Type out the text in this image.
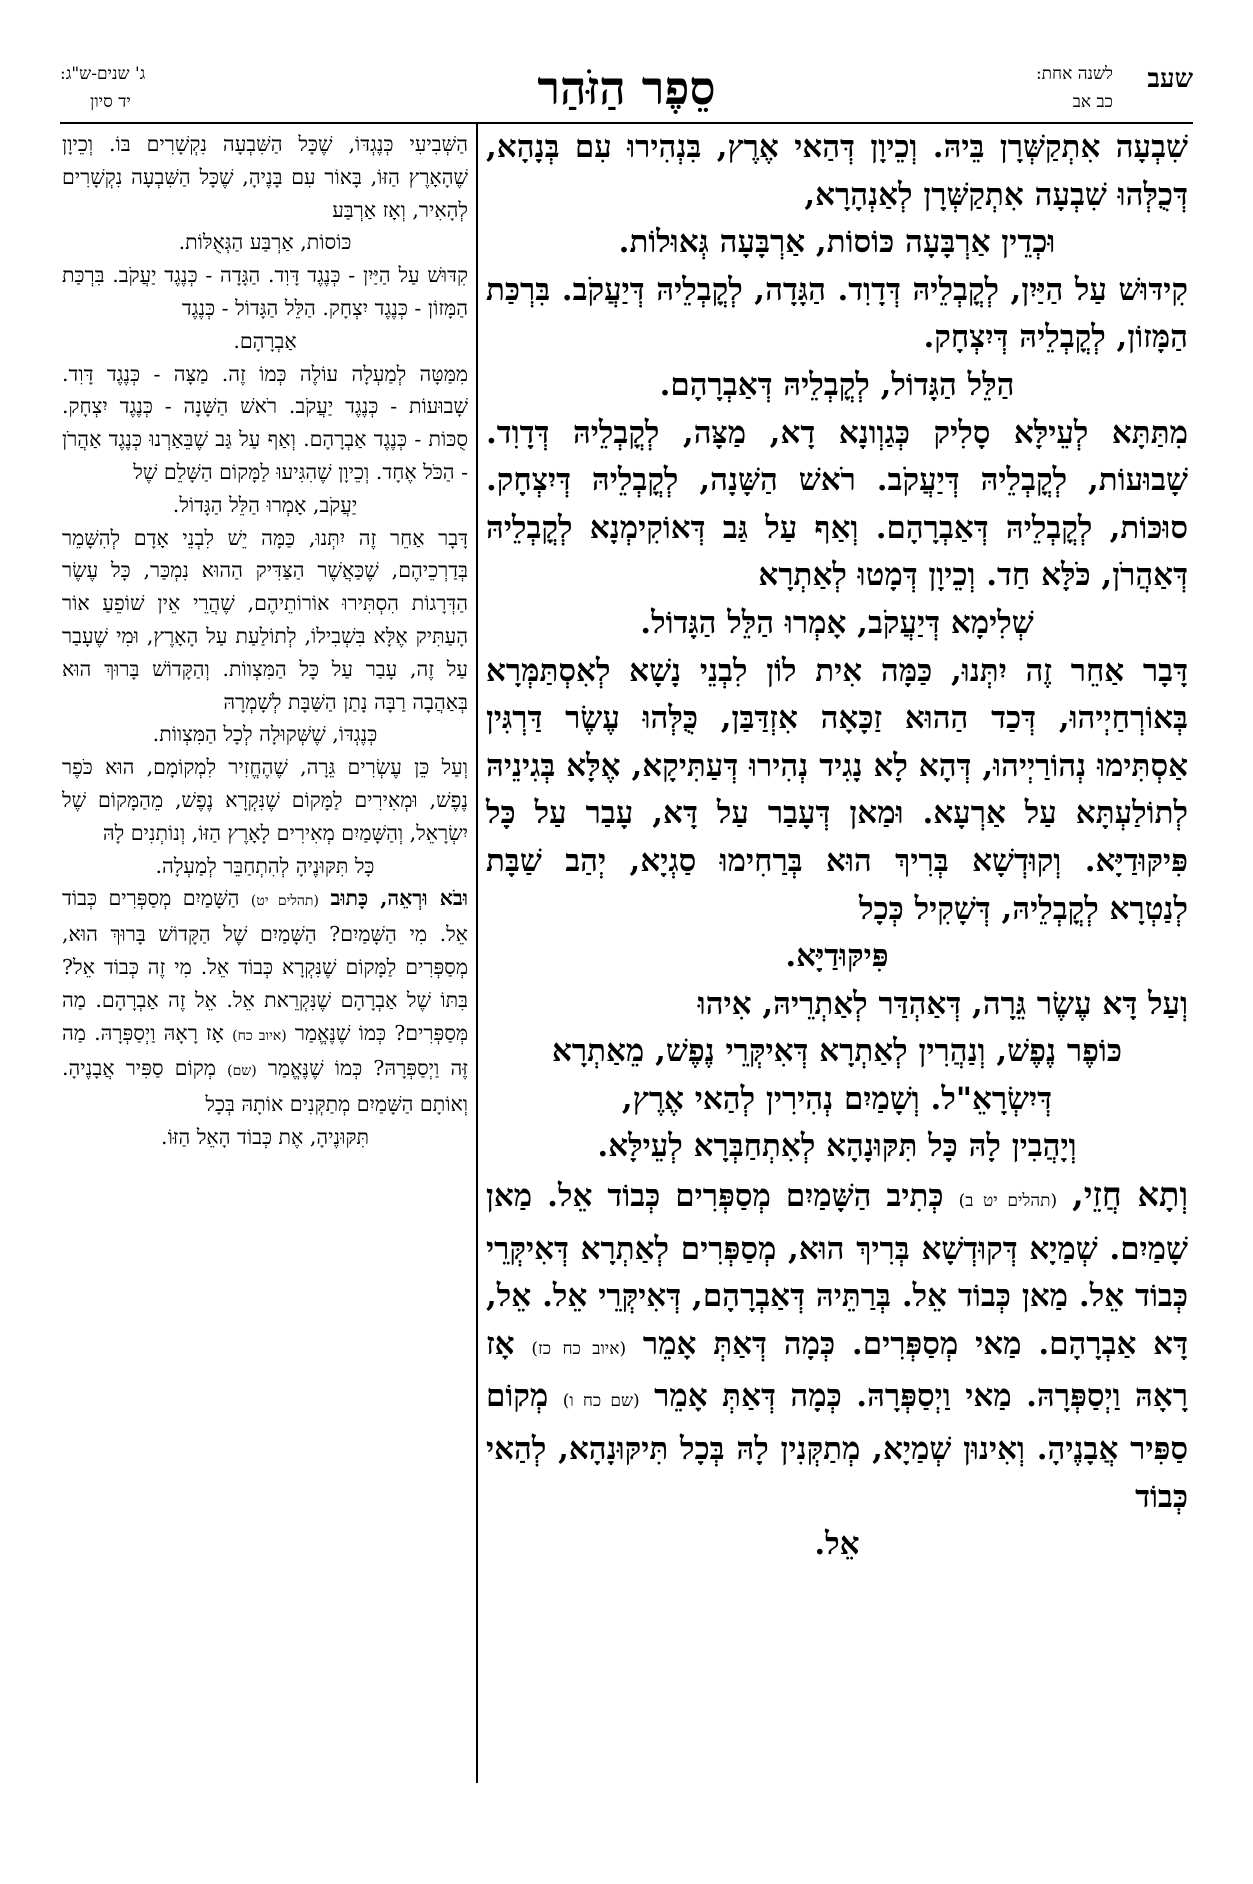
שעב
לשנה אחת:
כב אב
סֵפֶר הַזֹּהַר
ג' שנים-ש"ג:
יד סיון

שִׁבְעָה אִתְקַשְּׁרָן בֵּיהּ. וְכֵיוָן דְּהַאי אֶרֶץ, בִּנְהִירוּ עִם בְּנָהָא, דְּכֻלְּהוּ שִׁבְעָה אִתְקַשְּׁרָן לְאַנְהָרָא,

וּכְדֵין אַרְבָּעָה כּוֹסוֹת, אַרְבָּעָה גְּאוּלוֹת.

קִידּוּשׁ עַל הַיַּיִן, לְקֳבְלֵיהּ דְּדָוִד. הַגָּדָה, לְקֳבְלֵיהּ דְּיַעֲקֹב. בִּרְכַּת הַמָּזוֹן, לְקֳבְלֵיהּ דְּיִצְחָק.

הַלֵּל הַגָּדוֹל, לְקֳבְלֵיהּ דְּאַבְרָהָם.

מִתַּתָּא לְעֵילָּא סָלִיק כְּגַוְונָא דָא, מַצָּה, לְקֳבְלֵיהּ דְּדָוִד. שָׁבוּעוֹת, לְקֳבְלֵיהּ דְּיַעֲקֹב. רֹאשׁ הַשָּׁנָה, לְקֳבְלֵיהּ דְּיִצְחָק. סוּכּוֹת, לְקֳבְלֵיהּ דְּאַבְרָהָם. וְאַף עַל גַּב דְּאוֹקִימְנָא לְקֳבְלֵיהּ דְּאַהֲרֹן, כֹּלָּא חַד. וְכֵיוָן דְּמָטוּ לְאַתְרָא

שְׁלִימָא דְּיַעֲקֹב, אָמְרוּ הַלֵּל הַגָּדוֹל.

דָּבָר אַחֵר זֶה יִתְּנוּ, כַּמָּה אִית לוֹן לִבְנֵי נָשָׁא לְאִסְתַּמְּרָא בְּאוֹרְחַיְיהוּ, דְּכַד הַהוּא זַכָּאָה אִזְדַּבַּן, כֻּלְּהוּ עֶשֶׂר דַּרְגִּין אַסְתִּימוּ נְהוֹרַיְיהוּ, דְּהָא לָא נָגִיד נְהִירוּ דְּעַתִּיקָא, אֶלָּא בְּגִינֵיהּ לְתוֹלַעְתָּא עַל אַרְעָא. וּמַאן דְּעָבַר עַל דָּא, עָבַר עַל כָּל פִּיקּוּדַיָּא. וְקוּדְשָׁא בְּרִיךְ הוּא בְּרַחִימוּ סַגְיָא, יְהַב שַׁבָּת לְנַטְרָא לְקֳבְלֵיהּ, דְּשָׁקִיל כְּכָל

פִּיקּוּדַיָּא.

וְעַל דָּא עֶשֶׂר גֵּרָה, דְּאַהְדַּר לְאַתְרֵיהּ, אִיהוּ

כּוֹפֶר נֶפֶשׁ, וְנַהֲרִין לְאַתְרָא דְּאִיקְּרֵי נֶפֶשׁ, מֵאַתְרָא דְּיִשְׂרָאֵ"ל. וְשָׁמַיִם נְהִירִין לְהַאי אֶרֶץ,

וְיָהֲבִין לָהּ כָּל תִּקּוּנָהָא לְאִתְחַבְּרָא לְעֵילָּא.

וְתָא חֲזֵי, (תהלים יט ב) כְּתִיב הַשָּׁמַיִם מְסַפְּרִים כְּבוֹד אֵל. מַאן שָׁמַיִם. שְׁמַיָא דְּקוּדְשָׁא בְּרִיךְ הוּא, מְסַפְּרִים לְאַתְרָא דְּאִיקְּרֵי כְּבוֹד אֵל. מַאן כְּבוֹד אֵל. בְּרַתֵּיהּ דְּאַבְרָהָם, דְּאִיקְּרֵי אֵל. אֵל, דָּא אַבְרָהָם. מַאי מְסַפְּרִים. כְּמָה דְּאַתְּ אָמֵר (איוב כח כז) אָז רָאָהּ וַיְסַפְּרָהּ. מַאי וַיְסַפְּרָהּ. כְּמָה דְּאַתְּ אָמֵר (שם כח ו) מְקוֹם סַפִּיר אֲבָנֶיהָ. וְאִינוּן שְׁמַיָא, מְתַקְּנִין לָהּ בְּכָל תִּיקּוּנָהָא, לְהַאי כְּבוֹד

אֵל.

הַשְּׁבִיעִי כְּנֶגְדּוֹ, שֶׁכָּל הַשִּׁבְעָה נִקְשָׁרִים בּוֹ. וְכֵיוָן שֶׁהָאָרֶץ הַזּוֹ, בָּאוֹר עִם בָּנֶיהָ, שֶׁכָּל הַשִּׁבְעָה נִקְשָׁרִים לְהָאִיר, וְאָז אַרְבַּע

כּוֹסוֹת, אַרְבַּע הַגְּאֻלּוֹת.

קִדּוּשׁ עַל הַיַּיִן - כְּנֶגֶד דָּוִד. הַגָּדָה - כְּנֶגֶד יַעֲקֹב. בִּרְכַּת הַמָּזוֹן - כְּנֶגֶד יִצְחָק. הַלֵּל הַגָּדוֹל - כְּנֶגֶד

אַבְרָהָם.

מִמַּטָּה לְמַעְלָה עוֹלֶה כְּמוֹ זֶה. מַצָּה - כְּנֶגֶד דָּוִד. שָׁבוּעוֹת - כְּנֶגֶד יַעֲקֹב. רֹאשׁ הַשָּׁנָה - כְּנֶגֶד יִצְחָק. סֻכּוֹת - כְּנֶגֶד אַבְרָהָם. וְאַף עַל גַּב שֶׁבֵּאַרְנוּ כְּנֶגֶד אַהֲרֹן - הַכֹּל אֶחָד. וְכֵיוָן שֶׁהִגִּיעוּ לַמָּקוֹם הַשָּׁלֵם שֶׁל

יַעֲקֹב, אָמְרוּ הַלֵּל הַגָּדוֹל.

דָּבָר אַחֵר זֶה יִתְּנוּ, כַּמָּה יֵשׁ לִבְנֵי אָדָם לְהִשָּׁמֵר בְּדַרְכֵיהֶם, שֶׁכַּאֲשֶׁר הַצַּדִּיק הַהוּא נִמְכַּר, כָּל עֶשֶׂר הַדְּרָגוֹת הִסְתִּירוּ אוֹרוֹתֵיהֶם, שֶׁהֲרֵי אֵין שׁוֹפֵעַ אוֹר הָעַתִּיק אֶלָּא בִּשְׁבִילוֹ, לְתוֹלַעַת עַל הָאָרֶץ, וּמִי שֶׁעָבַר עַל זֶה, עָבַר עַל כָּל הַמִּצְווֹת. וְהַקָּדוֹשׁ בָּרוּךְ הוּא בְּאַהֲבָה רַבָּה נָתַן הַשַּׁבָּת לְשָׁמְרָהּ

כְּנֶגְדּוֹ, שֶׁשְּׁקוּלָה לְכָל הַמִּצְווֹת.

וְעַל כֵּן עֶשְׂרִים גֵּרָה, שֶׁהֶחֱזִיר לִמְקוֹמָם, הוּא כֹּפֶר נֶפֶשׁ, וּמְאִירִים לַמָּקוֹם שֶׁנִּקְרָא נֶפֶשׁ, מֵהַמָּקוֹם שֶׁל יִשְׂרָאֵל, וְהַשָּׁמַיִם מְאִירִים לָאָרֶץ הַזּוֹ, וְנוֹתְנִים לָהּ

כָּל תִּקּוּנֶיהָ לְהִתְחַבֵּר לְמַעְלָה.

וּבֹא וּרְאֵה, כָּתוּב (תהלים יט) הַשָּׁמַיִם מְסַפְּרִים כְּבוֹד אֵל. מִי הַשָּׁמַיִם? הַשָּׁמַיִם שֶׁל הַקָּדוֹשׁ בָּרוּךְ הוּא, מְסַפְּרִים לַמָּקוֹם שֶׁנִּקְרָא כְּבוֹד אֵל. מִי זֶה כְּבוֹד אֵל? בִּתּוֹ שֶׁל אַבְרָהָם שֶׁנִּקְרֵאת אֵל. אֵל זֶה אַבְרָהָם. מַה מְּסַפְּרִים? כְּמוֹ שֶׁנֶּאֱמַר (איוב כח) אָז רָאָהּ וַיְסַפְּרָהּ. מַה זֶּה וַיְסַפְּרָהּ? כְּמוֹ שֶׁנֶּאֱמַר (שם) מְקוֹם סַפִּיר אֲבָנֶיהָ. וְאוֹתָם הַשָּׁמַיִם מְתַקְּנִים אוֹתָהּ בְּכָל

תִּקּוּנֶיהָ, אֶת כְּבוֹד הָאֵל הַזּוֹ.
